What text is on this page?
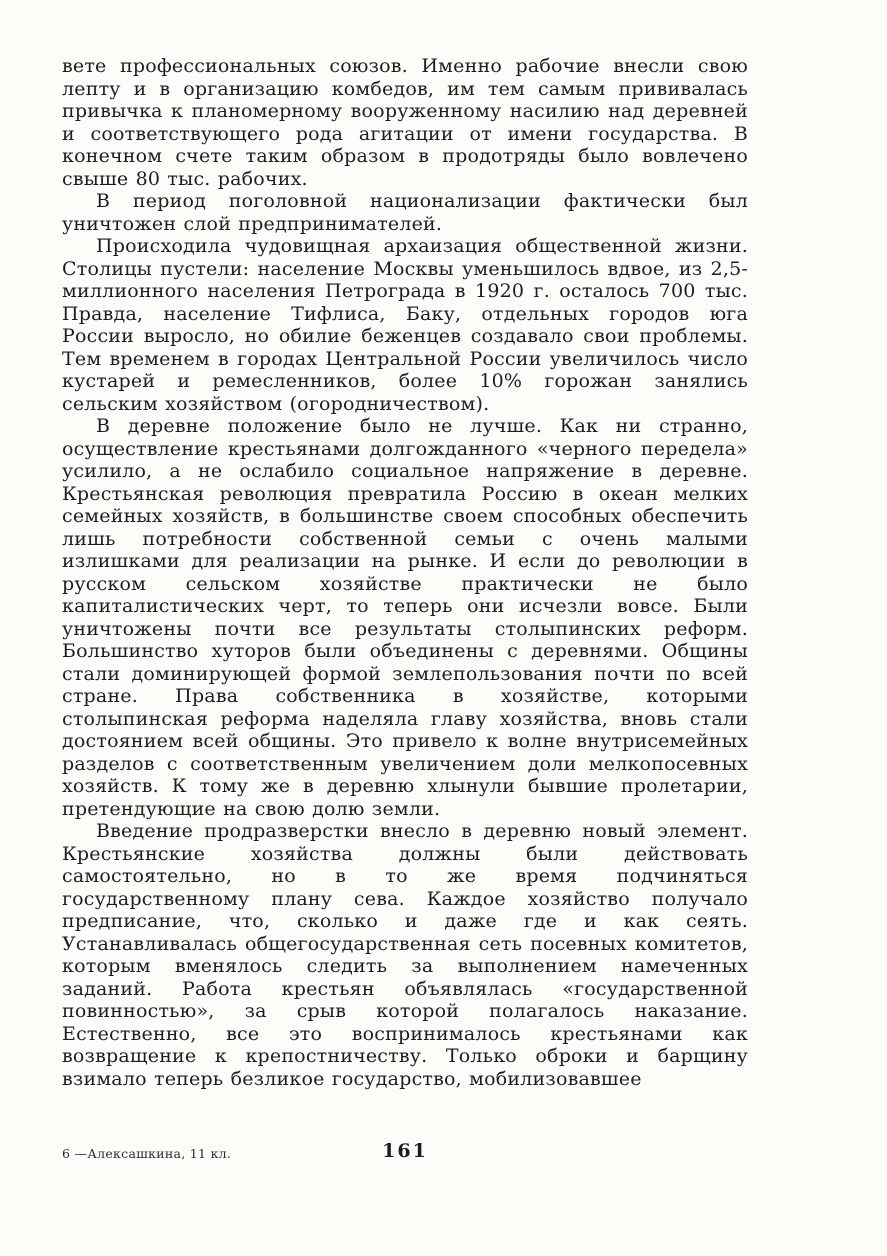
вете профессиональных союзов. Именно рабочие внесли свою лепту и в организацию комбедов, им тем самым прививалась привычка к планомерному вооруженному насилию над деревней и соответствующего рода агитации от имени государства. В конечном счете таким образом в продотряды было вовлечено свыше 80 тыс. рабочих.

В период поголовной национализации фактически был уничтожен слой предпринимателей.

Происходила чудовищная архаизация общественной жизни. Столицы пустели: население Москвы уменьшилось вдвое, из 2,5-миллионного населения Петрограда в 1920 г. осталось 700 тыс. Правда, население Тифлиса, Баку, отдельных городов юга России выросло, но обилие беженцев создавало свои проблемы. Тем временем в городах Центральной России увеличилось число кустарей и ремесленников, более 10% горожан занялись сельским хозяйством (огородничеством).

В деревне положение было не лучше. Как ни странно, осуществление крестьянами долгожданного «черного передела» усилило, а не ослабило социальное напряжение в деревне. Крестьянская революция превратила Россию в океан мелких семейных хозяйств, в большинстве своем способных обеспечить лишь потребности собственной семьи с очень малыми излишками для реализации на рынке. И если до революции в русском сельском хозяйстве практически не было капиталистических черт, то теперь они исчезли вовсе. Были уничтожены почти все результаты столыпинских реформ. Большинство хуторов были объединены с деревнями. Общины стали доминирующей формой землепользования почти по всей стране. Права собственника в хозяйстве, которыми столыпинская реформа наделяла главу хозяйства, вновь стали достоянием всей общины. Это привело к волне внутрисемейных разделов с соответственным увеличением доли мелкопосевных хозяйств. К тому же в деревню хлынули бывшие пролетарии, претендующие на свою долю земли.

Введение продразверстки внесло в деревню новый элемент. Крестьянские хозяйства должны были действовать самостоятельно, но в то же время подчиняться государственному плану сева. Каждое хозяйство получало предписание, что, сколько и даже где и как сеять. Устанавливалась общегосударственная сеть посевных комитетов, которым вменялось следить за выполнением намеченных заданий. Работа крестьян объявлялась «государственной повинностью», за срыв которой полагалось наказание. Естественно, все это воспринималось крестьянами как возвращение к крепостничеству. Только оброки и барщину взимало теперь безликое государство, мобилизовавшее

6 —Алексашкина, 11 кл.	161
